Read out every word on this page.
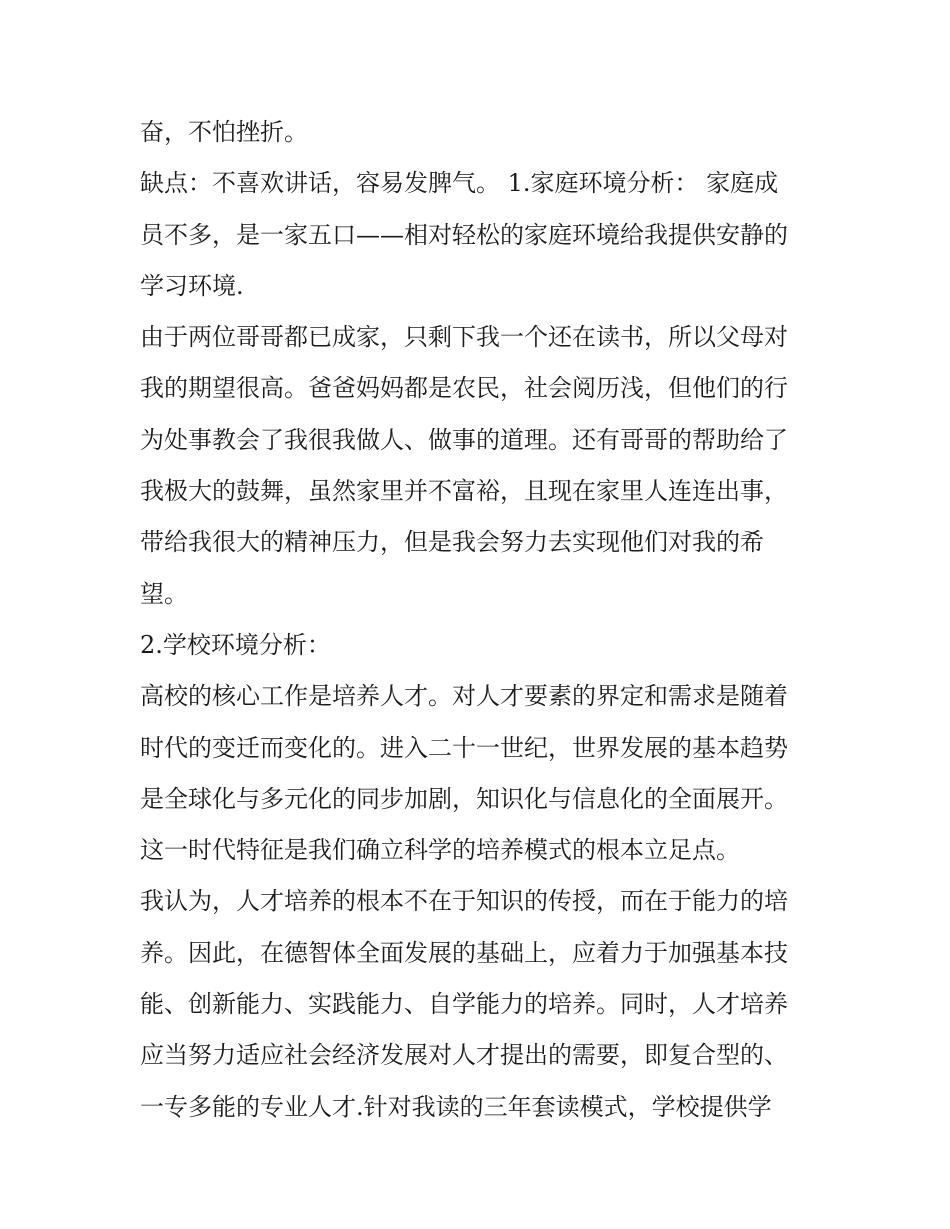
奋，不怕挫折。
缺点：不喜欢讲话，容易发脾气。 1.家庭环境分析： 家庭成
员不多，是一家五口——相对轻松的家庭环境给我提供安静的
学习环境.
由于两位哥哥都已成家，只剩下我一个还在读书，所以父母对
我的期望很高。爸爸妈妈都是农民，社会阅历浅，但他们的行
为处事教会了我很我做人、做事的道理。还有哥哥的帮助给了
我极大的鼓舞，虽然家里并不富裕，且现在家里人连连出事，
带给我很大的精神压力，但是我会努力去实现他们对我的希
望。
2.学校环境分析：
高校的核心工作是培养人才。对人才要素的界定和需求是随着
时代的变迁而变化的。进入二十一世纪，世界发展的基本趋势
是全球化与多元化的同步加剧，知识化与信息化的全面展开。
这一时代特征是我们确立科学的培养模式的根本立足点。
我认为，人才培养的根本不在于知识的传授，而在于能力的培
养。因此，在德智体全面发展的基础上，应着力于加强基本技
能、创新能力、实践能力、自学能力的培养。同时，人才培养
应当努力适应社会经济发展对人才提出的需要，即复合型的、
一专多能的专业人才.针对我读的三年套读模式，学校提供学
